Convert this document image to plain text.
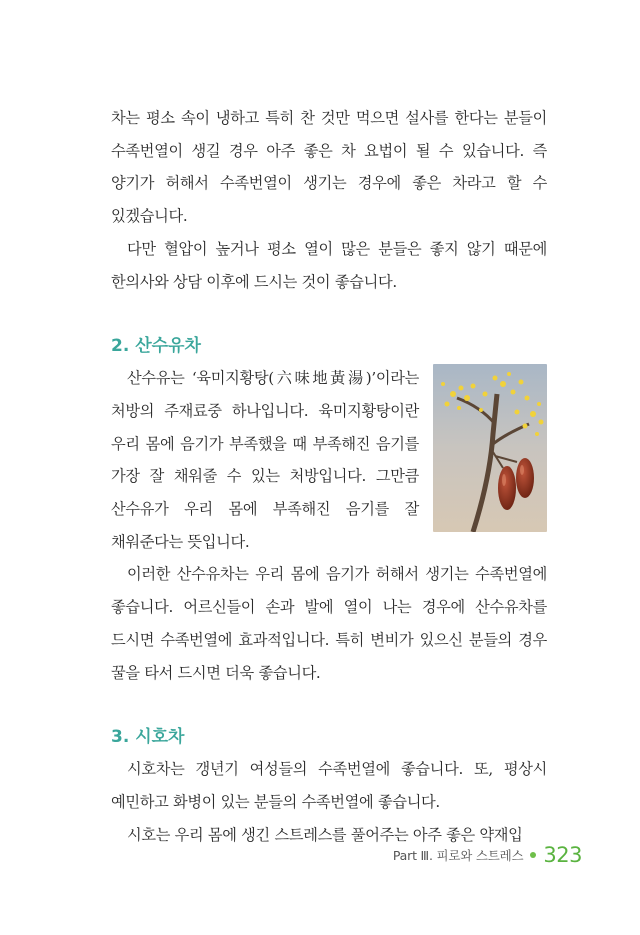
차는 평소 속이 냉하고 특히 찬 것만 먹으면 설사를 한다는 분들이 수족번열이 생길 경우 아주 좋은 차 요법이 될 수 있습니다. 즉 양기가 허해서 수족번열이 생기는 경우에 좋은 차라고 할 수 있겠습니다.

다만 혈압이 높거나 평소 열이 많은 분들은 좋지 않기 때문에 한의사와 상담 이후에 드시는 것이 좋습니다.

2. 산수유차

산수유는 ‘육미지황탕(六味地黃湯)’이라는 처방의 주재료중 하나입니다. 육미지황탕이란 우리 몸에 음기가 부족했을 때 부족해진 음기를 가장 잘 채워줄 수 있는 처방입니다. 그만큼 산수유가 우리 몸에 부족해진 음기를 잘 채워준다는 뜻입니다.

이러한 산수유차는 우리 몸에 음기가 허해서 생기는 수족번열에 좋습니다. 어르신들이 손과 발에 열이 나는 경우에 산수유차를 드시면 수족번열에 효과적입니다. 특히 변비가 있으신 분들의 경우 꿀을 타서 드시면 더욱 좋습니다.

3. 시호차

시호차는 갱년기 여성들의 수족번열에 좋습니다. 또, 평상시 예민하고 화병이 있는 분들의 수족번열에 좋습니다.

시호는 우리 몸에 생긴 스트레스를 풀어주는 아주 좋은 약재입

Part Ⅲ. 피로와 스트레스 323
